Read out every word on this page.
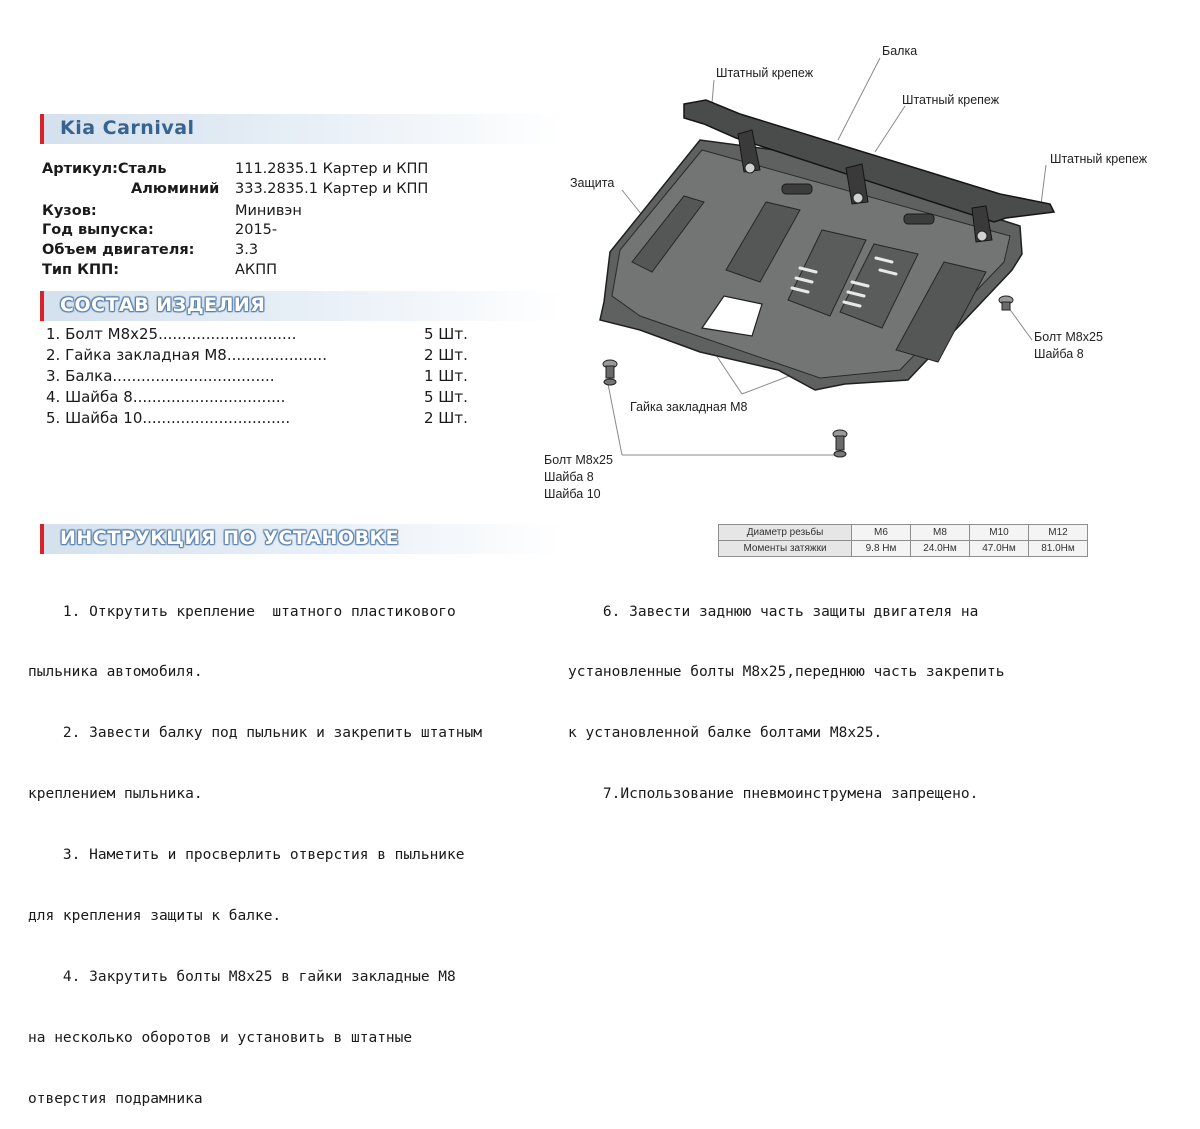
Kia Carnival
Артикул:Сталь	111.2835.1 Картер и КПП
Алюминий 333.2835.1 Картер и КПП
Кузов:	Минивэн
Год выпуска:	2015-
Объем двигателя:	3.3
Тип КПП:	АКПП
СОСТАВ ИЗДЕЛИЯ
1. Болт М8х25.............................	5 Шт.
2. Гайка закладная М8.....................	2 Шт.
3. Балка..................................	1 Шт.
4. Шайба 8................................	5 Шт.
5. Шайба 10...............................	2 Шт.
Балка
Штатный крепеж
Штатный крепеж
Штатный крепеж
Защита
Болт М8х25
Шайба 8
Гайка закладная М8
Болт М8х25
Шайба 8
Шайба 10
ИНСТРУКЦИЯ ПО УСТАНОВКЕ	Диаметр резьбы	М6	М8	М10	М12
Моменты затяжки	9.8 Нм	24.0Нм	47.0Нм	81.0Нм

1. Открутить крепление  штатного пластикового

пыльника автомобиля.

2. Завести балку под пыльник и закрепить штатным

креплением пыльника.

3. Наметить и просверлить отверстия в пыльнике

для крепления защиты к балке.

4. Закрутить болты М8х25 в гайки закладные М8

на несколько оборотов и установить в штатные

отверстия подрамника

6. Завести заднюю часть защиты двигателя на

установленные болты М8х25,переднюю часть закрепить

к установленной балке болтами М8х25.

7.Использование пневмоинструмена запрещено.
